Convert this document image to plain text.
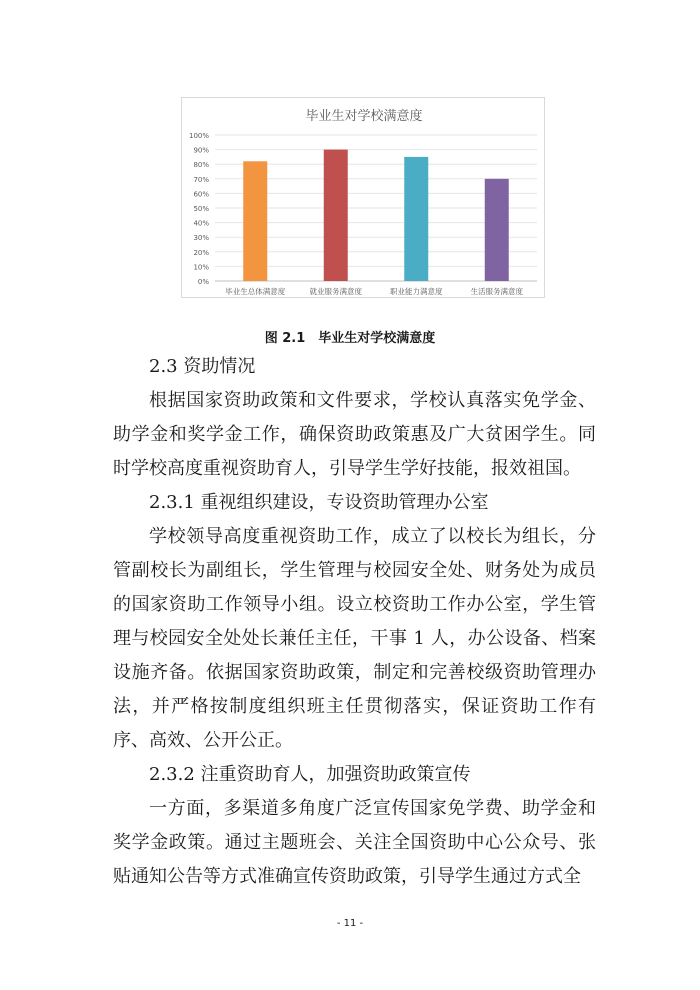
毕业生对学校满意度
0%
10%
20%
30%
40%
50%
60%
70%
80%
90%
100%
毕业生总体满意度	就业服务满意度	职业能力满意度	生活服务满意度
图 2.1　毕业生对学校满意度

2.3 资助情况

根据国家资助政策和文件要求，学校认真落实免学金、助学金和奖学金工作，确保资助政策惠及广大贫困学生。同时学校高度重视资助育人，引导学生学好技能，报效祖国。

2.3.1 重视组织建设，专设资助管理办公室

学校领导高度重视资助工作，成立了以校长为组长，分管副校长为副组长，学生管理与校园安全处、财务处为成员的国家资助工作领导小组。设立校资助工作办公室，学生管理与校园安全处处长兼任主任，干事 1 人，办公设备、档案设施齐备。依据国家资助政策，制定和完善校级资助管理办法，并严格按制度组织班主任贯彻落实，保证资助工作有序、高效、公开公正。

2.3.2 注重资助育人，加强资助政策宣传

一方面，多渠道多角度广泛宣传国家免学费、助学金和奖学金政策。通过主题班会、关注全国资助中心公众号、张贴通知公告等方式准确宣传资助政策，引导学生通过方式全

- 11 -
